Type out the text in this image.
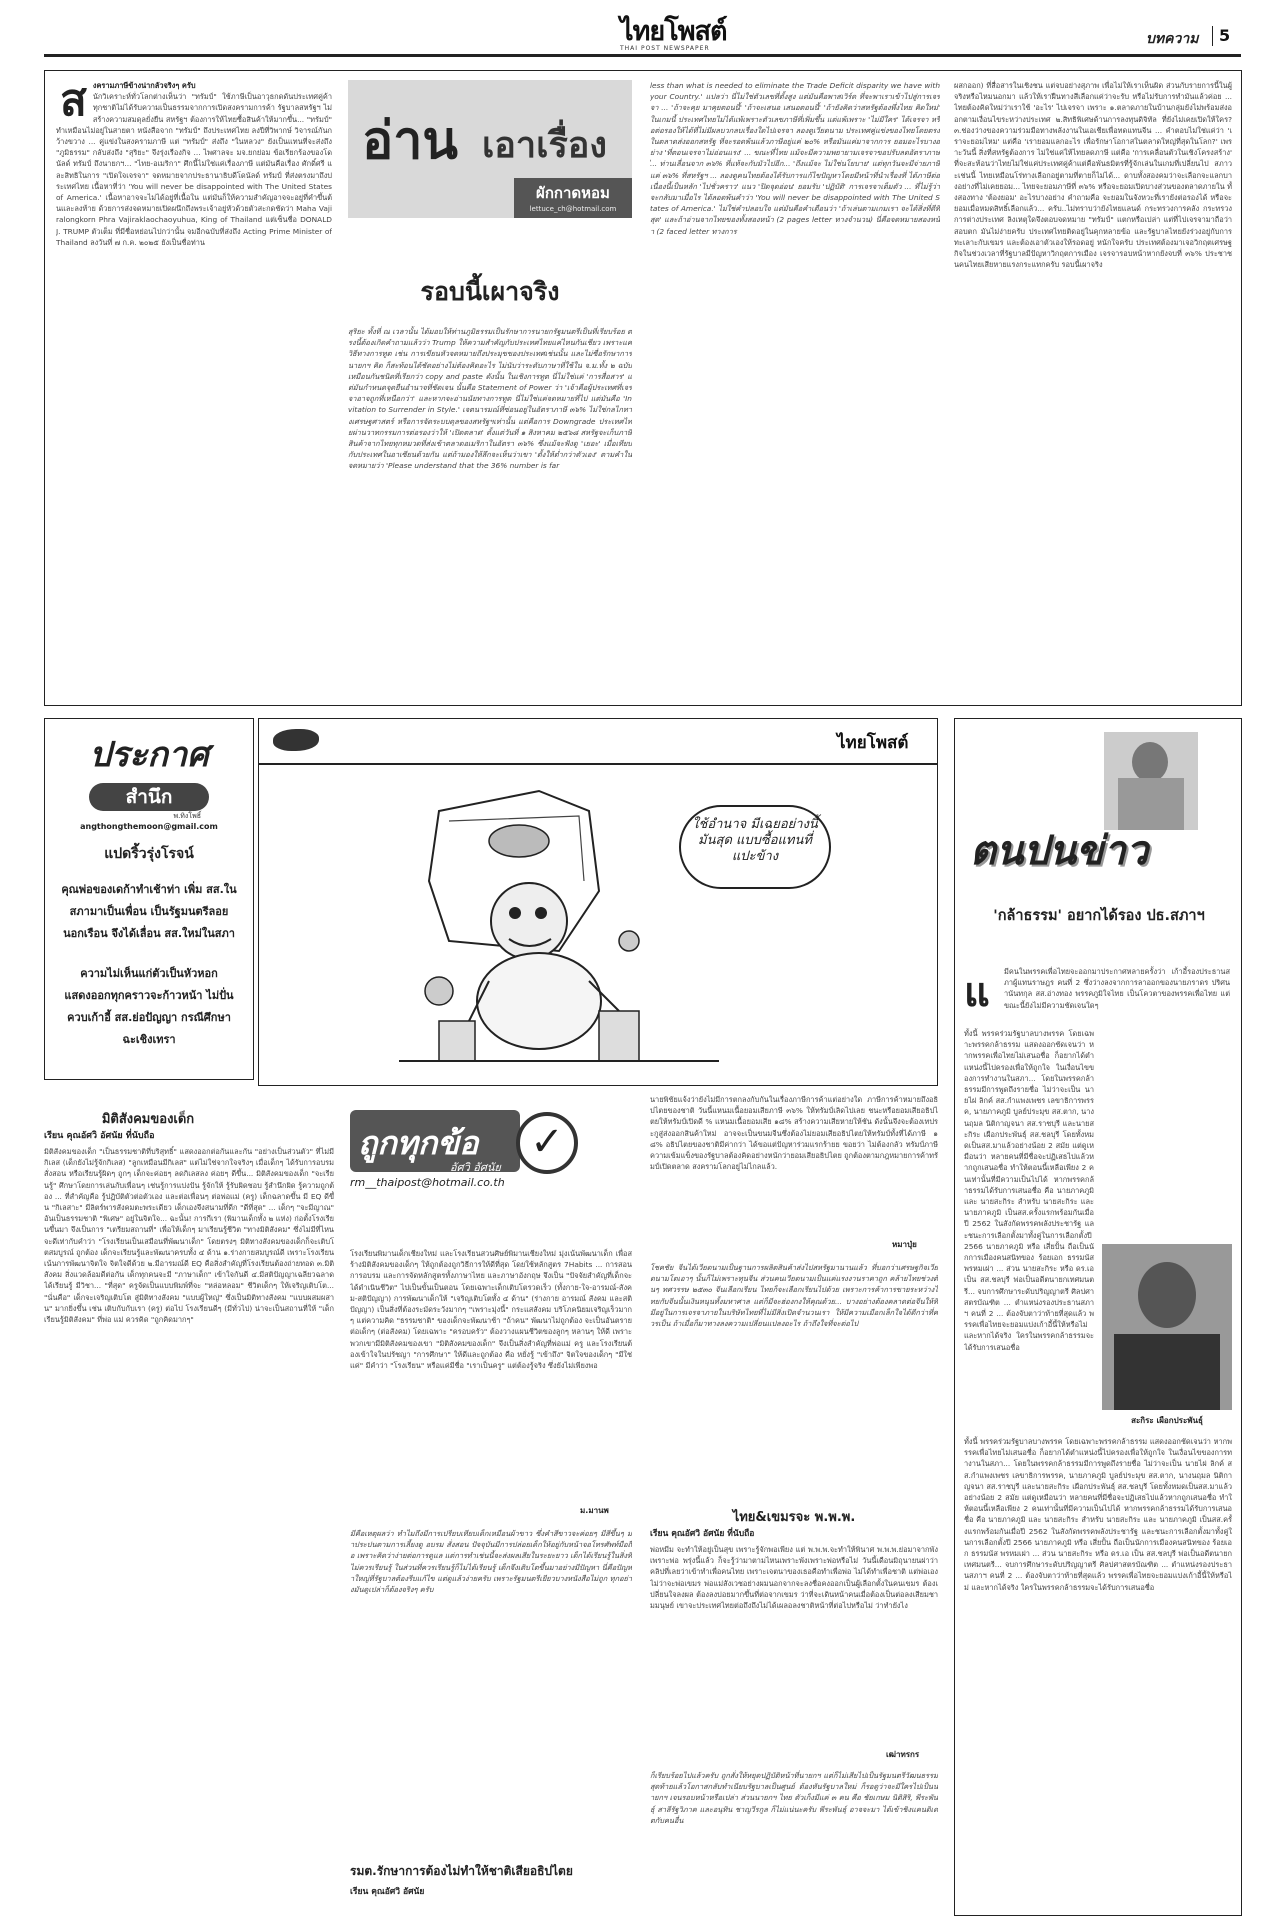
ไทยโพสต์
THAI POST NEWSPAPER
บทความ	5
ส งครามภาษีข้างน่ากลัวจริงๆ ครับ
นักวิเคราะห์ทั่วโลกต่างเห็นว่า "ทรัมป์" ใช้ภาษีเป็นอาวุธกดดันประเทศคู่ค้า ทุกชาติไม่ได้รับความเป็นธรรมจากการเปิดสงครามการค้า รัฐบาลสหรัฐฯ ไม่สร้างความสมดุลยั่งยืน สหรัฐฯ ต้องการให้ไทยซื้อสินค้าให้มากขึ้น... "ทรัมป์" ทำเหมือนไม่อยู่ในสายตา หนังสือจาก "ทรัมป์" ถึงประเทศไทย ลงปีที่วิพากษ์ วิจารณ์กันกว้างขวาง ... คู่แข่งในสงครามภาษี แต่ "ทรัมป์" ส่งถึง "ในหลวง" ยังเป็นแทนที่จะส่งถึง "ภูมิธรรม" กลับส่งถึง "สุริยะ" จึงรุ่งเรืองกิจ ... ไพศาลจะ มจ.ยกย่อม ข้อเรียกร้องของโดนัลด์ ทรัมป์ ถึงนายกฯ... "ไทย-อเมริกา" ศึกนี้ไม่ใช่แค่เรื่องภาษี แต่มันคือเรื่อง ศักดิ์ศรี และสิทธิในการ "เปิดใจเจรจา" จดหมายจากประธานาธิบดีโดนัลด์ ทรัมป์ ที่ส่งตรงมาถึงประเทศไทย เนื้อหาที่ว่า 'You will never be disappointed with The United States of America.' เนื้อหาอาจจะไม่ได้อยู่ที่เนื้อใน แต่มันก็ให้ความสำคัญอาจจะอยู่ที่คำขึ้นต้นและลงท้าย ด้วยการส่งจดหมายเปิดผนึกถึงพระเจ้าอยู่หัวด้วยตัวสะกดชัดว่า Maha Vajiralongkorn Phra Vajiraklaochaoyuhua, King of Thailand แต่เซ็นชื่อ DONALD J. TRUMP ตัวเต็ม ที่มีชื่อหย่อนไปกว่านั้น จมอีกฉบับที่ส่งถึง Acting Prime Minister of Thailand ลงวันที่ ๗ ก.ค. ๒๐๒๕ ยังเป็นชื่อท่าน
อ่าน เอาเรื่อง
ผักกาดหอม
lettuce_ch@hotmail.com
รอบนี้เผาจริง
สุริยะ ทั้งที่ ณ เวลานั้น ได้มอบให้ท่านภูมิธรรมเป็นรักษาการนายกรัฐมนตรีเป็นที่เรียบร้อย ตรงนี้ต้องเกิดคำถามแล้วว่า Trump ให้ความสำคัญกับประเทศไทยแค่ไหนกันเชียว เพราะแค่วิธีทางการทูต เช่น การเขียนหัวจดหมายถึงประมุขของประเทศเช่นนั้น และไม่ซื่อรักษาการนายกฯ คิด ก็สะท้อนได้ชัดอย่างไม่ต้องคิดอะไร ไม่นับว่าระดับภาษาที่ใช้ใน จ.ม.ทั้ง ๒ ฉบับ เหมือนกันชนิดที่เรียกว่า copy and paste ดังนั้น ในเชิงการทูต นี่ไม่ใช่แค่ 'การสื่อสาร' แต่มันกำหนดจุดยืนอำนาจที่ชัดเจน นั้นคือ Statement of Power ว่า 'เจ้าคือผู้ประเทศที่เจรจาอาจถูกที่เหนือกว่า' และหากจะอ่านนัยทางการทูต นี่ไม่ใช่แค่จดหมายที่ไป แต่มันคือ 'Invitation to Surrender in Style.' เจตนารมณ์ที่ซ่อนอยู่ในอัตราภาษี ๓๖% ไม่ใช่กลไกทางเศรษฐศาสตร์ หรือการจัดระบบดุลของสหรัฐฯเท่านั้น แต่คือการ Downgrade ประเทศไทยผ่านวาทกรรมการต่อรองว่าให้ 'เปิดตลาด' ตั้งแต่วันที่ ๑ สิงหาคม ๒๕๖๘ สหรัฐจะเก็บภาษีสินค้าจากไทยทุกหมวดที่ส่งเข้าตลาดอเมริกาในอัตรา ๓๖% ซึ่งแม้จะฟังดู 'เยอะ' เมื่อเทียบกับประเทศในอาเซียนด้วยกัน แต่ถ้ามองให้ลึกจะเห็นว่าเขา 'ตั้งให้ต่ำกว่าตัวเอง' ตามคำในจดหมายว่า 'Please understand that the 36% number is far
less than what is needed to eliminate the Trade Deficit disparity we have with your Country.' แปลว่า นี่ไม่ใช่ตัวเลขที่ตั้งสูง แต่มันคือพาสเวิร์ด ที่จะพาเราเข้าไปสู่การเจรจา ... 'ถ้าจะคุย มาคุยตอนนี้' 'ถ้าจะเสนอ เสนอตอนนี้' 'ถ้ายังคิดว่าสหรัฐต้องพึ่งไทย คิดใหม่' ในเกมนี้ ประเทศไทยไม่ได้แพ้เพราะตัวเลขภาษีที่เพิ่มขึ้น แต่แพ้เพราะ 'ไม่มีใคร' ได้เจรจา หรือต่อรองให้ได้ที่ไม่มีผลบวกลบเรื่องใดไปเจรจา ลองดูเวียดนาม ประเทศคู่แข่งของไทยโดยตรงในตลาดส่งออกสหรัฐ ที่จะรอดพ้นแล้วภาษีอยู่แค่ ๒๐% หรือมันแค่มาจากการ ยอมอะไรบางอย่าง 'ที่ตอนเจรจาไม่อ่อนแรง' ... ขณะที่ไทย แม้จะมีความพยายามเจรจาขอปรับลดอัตราภาษี... ท่านเลื่อนจาก ๓๖% ที่แท้จะกับมัวไปอีก... 'ถึงแม้จะ ไม่ใช่นโยบาย' แต่ทุกวันจะมีจ่ายภาษีแค่ ๓๖% ที่สหรัฐฯ ... ลองดูคนไทยต้องได้รับการแก้ไขปัญหาโดยมีหน้าที่นำเรื่องที่ ได้ภาษีต่อเนื่องนี้เป็นหลัก 'ไปชั่วคราว' แนว 'ปิดจุดอ่อน' ยอมรับ 'ปฏิบัติ' การเจรจาเต็มตัว ... ที่ไม่รู้ว่าจะกลับมาเมื่อไร ได้ลอดพ้นคำว่า 'You will never be disappointed with The United States of America.' ไม่ใช่คำปลอบใจ แต่มันคือคำเตือนว่า 'ถ้าเล่นตามเกมเรา จะได้สิ่งที่ดีที่สุด' และถ้าอ่านจากไทยของทั้งสองหน้า (2 pages letter ทางจำนวน) นี่คือจดหมายสองหน้า (2 faced letter ทางการ
ผสกออก) ที่สื่อสารในเชิงชน แต่จบอย่างสุภาพ เพื่อไม่ให้เราเห็นผิด ส่วนกับรายการนี้ในผู้จริงหรือไหมนอกมา แล้วให้เราฝืนทางสีเลือกแค่ว่าจะรับ หรือไม่รับการทำมันแล้วค่อย ... ไทยต้องคิดใหม่ว่าเราใช้ 'อะไร' ไปเจรจา เพราะ ๑.ตลาดภายในบ้านกลุ่มยังไม่พร้อมส่งออกตามเงื่อนไขระหว่างประเทศ ๒.สิทธิพิเศษด้านการลงทุนดิจิทัล ที่ยังไม่เคยเปิดให้ใคร? ๓.ช่องว่างของความร่วมมือทางพลังงานในเอเชียเพื่อทดแทนจีน ... คำตอบไม่ใช่แค่ว่า 'เราจะยอมไหม' แต่คือ 'เรายอมแลกอะไร เพื่อรักษาโอกาสในตลาดใหญ่ที่สุดในโลก?' เพราะวันนี้ สิ่งที่สหรัฐต้องการ ไม่ใช่แค่ให้ไทยลดภาษี แต่คือ 'การเคลื่อนตัวในเชิงโครงสร้าง' ที่จะสะท้อนว่าไทยไม่ใช่แค่ประเทศคู่ค้าแต่คือพันธมิตรที่รู้จักเล่นในเกมที่เปลี่ยนไป สภาวะเช่นนี้ ไทยเหมือนโร่ทางเลือกอยู่ตามที่ตายก็ไม่ได้... ดาบทั้งสองคมว่าจะเลือกจะแลกบางอย่างที่ไม่เคยยอม... ไทยจะยอมภาษีที่ ๓๖% หรือจะยอมเปิดบางส่วนของตลาดภายใน ทั้งสองทาง 'ต้องยอม' อะไรบางอย่าง คำถามคือ จะยอมในจังหวะที่เรายังต่อรองได้ หรือจะยอมเมื่อหมดสิทธิ์เลือกแล้ว... ครับ..ไม่ทราบว่ายังไทยแลนด์ กระทรวงการคลัง กระทรวงการต่างประเทศ ลิงเหตุใดจึงตอบจดหมาย "ทรัมป์" แตกหรือเปล่า แต่ที่ไปเจรจามาถือว่าสอบตก มันไม่ง่ายครับ ประเทศไทยติดอยู่ในคุกหลายข้อ และรัฐบาลไทยยังร่วงอยู่กับการทะเลาะกับเขมร และต้องเอาตัวเองให้รอดอยู่ หนักใจครับ ประเทศต้องมาเจอวิกฤตเศรษฐกิจในช่วงเวลาที่รัฐบาลมีปัญหาวิกฤตการเมือง เจรจารอบหน้าหากยังจบที่ ๓๖% ประชาชนคนไทยเสียหายแรงกระแทกครับ รอบนี้เผาจริง
ประกาศ
สำนึก
พ.ทิงโพธิ์
angthongthemoon@gmail.com
แปดริ้วรุ่งโรจน์
คุณพ่อของเดก้าทำเช้าท่า เพิ่ม สส.ในสภามาเป็นเพื่อน เป็นรัฐมนตรีลอยนอกเรือน จึงได้เลื่อน สส.ใหม่ในสภา
ความไม่เห็นแก่ตัวเป็นหัวหอก แสดงออกทุกคราวจะก้าวหน้า ไม่ปั่นควบเก้าอี้ สส.ย่อปัญญา กรณีศึกษา ฉะเชิงเทรา
ไทยโพสต์
ใช้อำนาจ มีเฉยอย่างนี้มันสุด แบบซื้อแทนที่ แปะข้าง	ตนปนข่าว
'กล้าธรรม' อยากได้รอง ปธ.สภาฯ
แ มีคนในพรรคเพื่อไทยจะออกมาประกาศหลายครั้งว่า เก้าอี้รองประธานสภาผู้แทนราษฎร คนที่ 2 ซึ่งว่างลงจากการลาออกของนายภราดร ปริศนานันทกุล สส.อ่างทอง พรรคภูมิใจไทย เป็นโควตาของพรรคเพื่อไทย แต่ขณะนี้ยังไม่มีความชัดเจนใดๆ
ทั้งนี้ พรรคร่วมรัฐบาลบางพรรค โดยเฉพาะพรรคกล้าธรรม แสดงออกชัดเจนว่า หากพรรคเพื่อไทยไม่เสนอชื่อ ก็อยากได้ตำแหน่งนี้ไปครองเพื่อให้ถูกใจ ในเงื่อนไขของการทำงานในสภา... โดยในพรรคกล้าธรรมมีการพูดถึงรายชื่อ ไม่ว่าจะเป็น นายไผ่ ลิกค์ สส.กำแพงเพชร เลขาธิการพรรค, นายภาคภูมิ บูลย์ประมุข สส.ตาก, นางนฤมล นิติกาญจนา สส.ราชบุรี และนายสะกิระ เผือกประพันธุ์ สส.ชลบุรี โดยทั้งหมดเป็นสส.มาแล้วอย่างน้อย 2 สมัย แต่ดูเหมือนว่า หลายคนที่มีชื่อจะปฏิเสธไปแล้วหากถูกเสนอชื่อ ทำให้ตอนนี้เหลือเพียง 2 คนเท่านั้นที่มีความเป็นไปได้ หากพรรคกล้าธรรมได้รับการเสนอชื่อ คือ นายภาคภูมิ และ นายสะกิระ สำหรับ นายสะกิระ และ นายภาคภูมิ เป็นสส.ครั้งแรกพร้อมกันเมื่อปี 2562 ในสังกัดพรรคพลังประชารัฐ และชนะการเลือกตั้งมาทั้งคู่ในการเลือกตั้งปี 2566 นายภาคภูมิ หรือ เสี่ยปั้น ถือเป็นนักการเมืองคนสนิทของ ร้อยเอก ธรรมนัส พรหมเผ่า ... ส่วน นายสะกิระ หรือ ดร.เอ เป็น สส.ชลบุรี พ่อเป็นอดีตนายกเทศมนตรี... จบการศึกษาระดับปริญญาตรี ศิลปศาสตรบัณฑิต ... ตำแหน่งรองประธานสภาฯ คนที่ 2 ... ต้องจับตาว่าท้ายที่สุดแล้ว พรรคเพื่อไทยจะยอมแบ่งเก้าอี้นี้ให้หรือไม่ และหากได้จริง ใครในพรรคกล้าธรรมจะได้รับการเสนอชื่อ
สะกิระ เผือกประพันธุ์
ทั้งนี้ พรรคร่วมรัฐบาลบางพรรค โดยเฉพาะพรรคกล้าธรรม แสดงออกชัดเจนว่า หากพรรคเพื่อไทยไม่เสนอชื่อ ก็อยากได้ตำแหน่งนี้ไปครองเพื่อให้ถูกใจ ในเงื่อนไขของการทำงานในสภา... โดยในพรรคกล้าธรรมมีการพูดถึงรายชื่อ ไม่ว่าจะเป็น นายไผ่ ลิกค์ สส.กำแพงเพชร เลขาธิการพรรค, นายภาคภูมิ บูลย์ประมุข สส.ตาก, นางนฤมล นิติกาญจนา สส.ราชบุรี และนายสะกิระ เผือกประพันธุ์ สส.ชลบุรี โดยทั้งหมดเป็นสส.มาแล้วอย่างน้อย 2 สมัย แต่ดูเหมือนว่า หลายคนที่มีชื่อจะปฏิเสธไปแล้วหากถูกเสนอชื่อ ทำให้ตอนนี้เหลือเพียง 2 คนเท่านั้นที่มีความเป็นไปได้ หากพรรคกล้าธรรมได้รับการเสนอชื่อ คือ นายภาคภูมิ และ นายสะกิระ สำหรับ นายสะกิระ และ นายภาคภูมิ เป็นสส.ครั้งแรกพร้อมกันเมื่อปี 2562 ในสังกัดพรรคพลังประชารัฐ และชนะการเลือกตั้งมาทั้งคู่ในการเลือกตั้งปี 2566 นายภาคภูมิ หรือ เสี่ยปั้น ถือเป็นนักการเมืองคนสนิทของ ร้อยเอก ธรรมนัส พรหมเผ่า ... ส่วน นายสะกิระ หรือ ดร.เอ เป็น สส.ชลบุรี พ่อเป็นอดีตนายกเทศมนตรี... จบการศึกษาระดับปริญญาตรี ศิลปศาสตรบัณฑิต ... ตำแหน่งรองประธานสภาฯ คนที่ 2 ... ต้องจับตาว่าท้ายที่สุดแล้ว พรรคเพื่อไทยจะยอมแบ่งเก้าอี้นี้ให้หรือไม่ และหากได้จริง ใครในพรรคกล้าธรรมจะได้รับการเสนอชื่อ
มิติสังคมของเด็ก
เรียน คุณอัศวิ อัศนัย ที่นับถือ
มิติสังคมของเด็ก "เป็นธรรมชาติที่บริสุทธิ์" แสดงออกต่อกันและกัน "อย่างเป็นส่วนตัว" ที่ไม่มีกิเลส (เด็กยังไม่รู้จักกิเลส) "ลูกเหมือนมีกิเลส" แต่ไม่ใช่จากใจจริงๆ เมื่อเด็กๆ ได้รับการอบรมสั่งสอน หรือเรียนรู้ผิดๆ ถูกๆ เด็กจะค่อยๆ ลดกิเลสลง ค่อยๆ ดีขึ้น... มิติสังคมของเด็ก "จะเรียนรู้" ศึกษาโดยการเล่นกับเพื่อนๆ เช่นรู้การแบ่งปัน รู้จักให้ รู้รับผิดชอบ รู้สำนึกผิด รู้ความถูกต้อง ... ที่สำคัญคือ รู้ปฏิบัติตัวต่อตัวเอง และต่อเพื่อนๆ ต่อพ่อแม่ (ครู) เด็กฉลาดขึ้น มี EQ ดีขึ้น "กิเลสาะ" มีลิตร์พารสังคมตะพระเดียว เด็กเองจึงสนามที่ดีก "ดีที่สุด" ... เด็กๆ "จะมีญาณ" อันเป็นธรรมชาติ "พิเศษ" อยู่ในจิตใจ... ฉะนั้น! การกีเรา (พิมานเด็กทั้ง ๒ แห่ง) ก่อตั้งโรงเรียนขึ้นมา จึงเป็นการ "เตรียมสถานที่" เพื่อให้เด็กๆ มาเรียนรู้ชีวิต "ทางมิติสังคม" ซึ่งไม่มีที่ไหนจะดีเท่ากับคำว่า "โรงเรียนเป็นเสมือนที่พัฒนาเด็ก" โดยตรงๆ มิติทางสังคมของเด็กก็จะเติบโตสมบูรณ์ ถูกต้อง เด็กจะเรียนรู้และพัฒนาครบทั้ง ๔ ด้าน ๑.ร่างกายสมบูรณ์ดี เพราะโรงเรียนเน้นการพัฒนาจิตใจ จิตใจดีด้วย ๒.มีอารมณ์ดี EQ คือสิ่งสำคัญที่โรงเรียนต้องถ่ายทอด ๓.มิติสังคม สิ่งแวดล้อมดีต่อกัน เด็กทุกคนจะมี "ภาษาเด็ก" เข้าใจกันดี ๔.มีสติปัญญาเฉลียวฉลาด ได้เรียนรู้ มีวิชา... "ที่สุด" ครูจัดเป็นแบบพิมพ์ที่จะ "หล่อหลอม" ชีวิตเด็กๆ ให้เจริญเติบโต... "นั่นคือ" เด็กจะเจริญเติบโต สู่มิติทางสังคม "แบบผู้ใหญ่" ซึ่งเป็นมิติทางสังคม "แบบผสมผสาน" มากยิ่งขึ้น เช่น เติบกับกับเรา (ครู) ต่อไป โรงเรียนดีๆ (มีทั่วไป) น่าจะเป็นสถานที่ให้ "เด็กเรียนรู้มิติสังคม" ที่พ่อ แม่ ควรคิด "ถูกคิดมากๆ"
ถูกทุกข้อ	✓
อัศวิ อัศนัย
rm__thaipost@hotmail.co.th
โรงเรียนพิมานเด็กเชียงใหม่ และโรงเรียนสวนศิษย์พิมานเชียงใหม่ มุ่งเน้นพัฒนาเด็ก เพื่อสร้างมิติสังคมของเด็กๆ ให้ถูกต้องถูกวิธีการให้ดีที่สุด โดยใช้หลักสูตร 7Habits ... การสอน การอบรม และการจัดหลักสูตรทั้งภาษาไทย และภาษาอังกฤษ จึงเป็น "ปัจจัยสำคัญที่เด็กจะได้ดำเนินชีวิต" ไปเป็นขั้นเป็นตอน โดยเฉพาะเด็กเติบโตรวดเร็ว (ทั้งกาย-ใจ-อารมณ์-สังคม-สติปัญญา) การพัฒนาเด็กให้ "เจริญเติบโตทั้ง ๔ ด้าน" (ร่างกาย อารมณ์ สังคม และสติปัญญา) เป็นสิ่งที่ต้องระมัดระวังมากๆ "เพราะมุ่งนี้" กระแสสังคม บริโภคนิยมเจริญเร็วมากๆ แต่ความคิด "ธรรมชาติ" ของเด็กจะพัฒนาช้า "ถ้าคน" พัฒนาไม่ถูกต้อง จะเป็นอันตรายต่อเด็กๆ (ต่อสังคม) โดยเฉพาะ "ครอบครัว" ต้องวางแผนชีวิตของลูกๆ หลานๆ ให้ดี เพราะพวกเขามีมิติสังคมของเขา "มิติสังคมของเด็ก" จึงเป็นสิ่งสำคัญที่พ่อแม่ ครู และโรงเรียนต้องเข้าใจในปรัชญา "การศึกษา" ให้ดีและถูกต้อง คือ หยั่งรู้ "เข้าถึง" จิตใจของเด็กๆ "มีใช่แค่" มีคำว่า "โรงเรียน" หรือแค่มีชื่อ "เราเป็นครู" แต่ต้องรู้จริง ซึ่งยังไม่เพียงพอ
ม.มานพ
มีคือเหตุผลว่า ทำไมถึงมีการเปรียบเทียบเด็กเหมือนผ้าขาว ซึ่งคำสีขาวจะค่อยๆ มีสีขึ้นๆ มาประปนตามการเลี้ยงดู อบรม สั่งสอน ปัจจุบันมีการปล่อยเด็กให้อยู่กับหน้าจอโทรศัพท์มือถือ เพราะคิดว่าง่ายต่อการดูแล แต่การทำเช่นนี้จะส่งผลเสียในระยะยาว เด็กได้เรียนรู้ในสิ่งที่ไม่ควรเรียนรู้ ในส่วนที่ควรเรียนรู้ก็ไม่ได้เรียนรู้ เด็กจึงเติบโตขึ้นมาอย่างมีปัญหา นี่คือปัญหาใหญ่ที่รัฐบาลต้องรีบแก้ไข แต่ดูแล้วง่ายครับ เพราะรัฐมนตรีเยียวบางหนังสือไม่ถูก ทุกอย่างมันดูเปล่าก็ต้องจริงๆ ครับ
รมต.รักษาการต้องไม่ทำให้ชาติเสียอธิปไตย
เรียน คุณอัศวิ อัศนัย
นายพิชัยแจ้งว่ายังไม่มีการตกลงกับกันในเรื่องภาษีการค้าแต่อย่างใด ภาษีการค้าหมายถึงอธิปไตยของชาติ วันนี้แหนมเนื้อยอมเสียภาษี ๓๖% ให้ทรัมป์เลิดไปเลย ชนะหรือยอมเสียอธิปไตยให้ทรัมป์เปิดดี % แหนมเนื้อยอมเสีย ๑๘% สร้างความเสียหายให้ชัน ดังนั้นจึงจะต้องเทประกูสู่ส่งออกสินค้าใหม่ อาจจะเป็นขนมจีนซึ่งต้องไม่ยอมเสียอธิปไตยให้ทรัมป์ทั้งที่ได้ภาษี ๑๘% อธิปไตยของชาติมีค่ากว่า ได้ขอแต่ปัญหาร่วมแรกร้ายย ขอยว่า ไม่ต้องกลัว ทรัมป์ภาษีความเข้มแข็งของรัฐบาลต้องคิดอย่างหนักว่ายอมเสียอธิปไตย ถูกต้องตามกฎหมายการค้าทรัมป์เปิดตลาด สงครามโลกอยู่ไม่ไกลแล้ว.
หมาปุ่ย
โชคชัย จีนได้เวียดนามเป็นฐานการผลิตสินค้าส่งไปสหรัฐมานานแล้ว ที่บอกว่าเศรษฐกิจเวียดนามโตเอาๆ นั้นก็ไม่เพราะทุนจีน ส่วนคนเวียดนามเป็นแค่แรงงานราคาถูก คล้ายไทยช่วงต้นๆ ทศวรรษ ๒๕๓๐ จีนเลือกเรียน ไทยก็จะเลือกเรียนไปด้วย เพราะการค้าการขายระหว่างไทยกับจีนนั้นเงินหนุนทั้งมหาศาล แต่ก็มีจะฮ่องกงให้คุณด้วย... บางอย่างต้องคลาดต่อจีนให้ที่มีอยู่ในการเจรจาภายในบริษัทไทยที่ไม่มีสิ่งเปิดจำนวนเรา ให้มีความเมือกเล็กใจได้ดีกว่าที่ควรเป็น ถ้าเมื่อก็มาทางลงความเปลี่ยนแปลงอะไร ถ้าถึงใจที่จะต่อไป
ไทย&เขมรจะ พ.พ.พ.
เรียน คุณอัศวิ อัศนัย ที่นับถือ
พ่อหมีม จะทำให้อยู่เป็นสุข เพราะรู้จักพอเพียง แต่ พ.พ.พ.จะทำให้พินาศ พ.พ.พ.ย่อมาจากพังเพราะพ่อ พรุ่งนี้แล้ว ก็จะรู้ว่ามาตามไหนเพราะพังเพราะพ่อหรือไม่ วันนี้เดือนมิถุนายนผ่าว่า คลิปที่เลยว่าเข้าทำเพื่อคนไทย เพราะเจตนาของเธอคือทำเพื่อพ่อ ไม่ได้ทำเพื่อชาติ แต่พ่อเองไม่ว่าจะพ่อเขมร พ่อแม่สังเวชอย่างผมนอกจากจะลงชื่อคงออกเป็นผู้เลือกตั้งในคนเขมร ต้องเปลี่ยนใจลงผล ต้องลงบ่อยมากขึ้นที่ต่อจากเขมร ว่าที่จะเดินหน้าคนเมื่อต้องเป็นต่อลงเสียมชามมนุษย์ เขาจะประเทศไทยต่อถึงถึงไม่ได้เผลอลงชาติหน้าที่ต่อไปหรือไม่ ว่าทำยังไง
เฒ่าทรกร
ก็เรียบร้อยไปแล้วครับ ถูกสั่งให้หยุดปฏิบัติหน้าที่นายกฯ แต่ก็ไม่เสียไปเป็นรัฐมนตรีวัฒนธรรม สุดท้ายแล้วโอกาสกลับทำเนียบรัฐบาลเป็นศูนย์ ต้องหันรัฐบาลใหม่ ก็รอดูว่าจะมีใครไปเป็นนายกฯ เจนรอบหน้าหรือเปล่า ส่วนนายกฯ ไทย ตัวเก็งมีแค่ ๓ คน คือ ชัยเกษม นิติสิริ, พีระพันธุ์ สาลีรัฐวิภาค และอนุทิน ชาญวีรกูล ก็ไม่แน่นะครับ พีระพันธุ์ อาจจะมา ได้เข้าชิงแคนดิเดตกับคนอื่น
